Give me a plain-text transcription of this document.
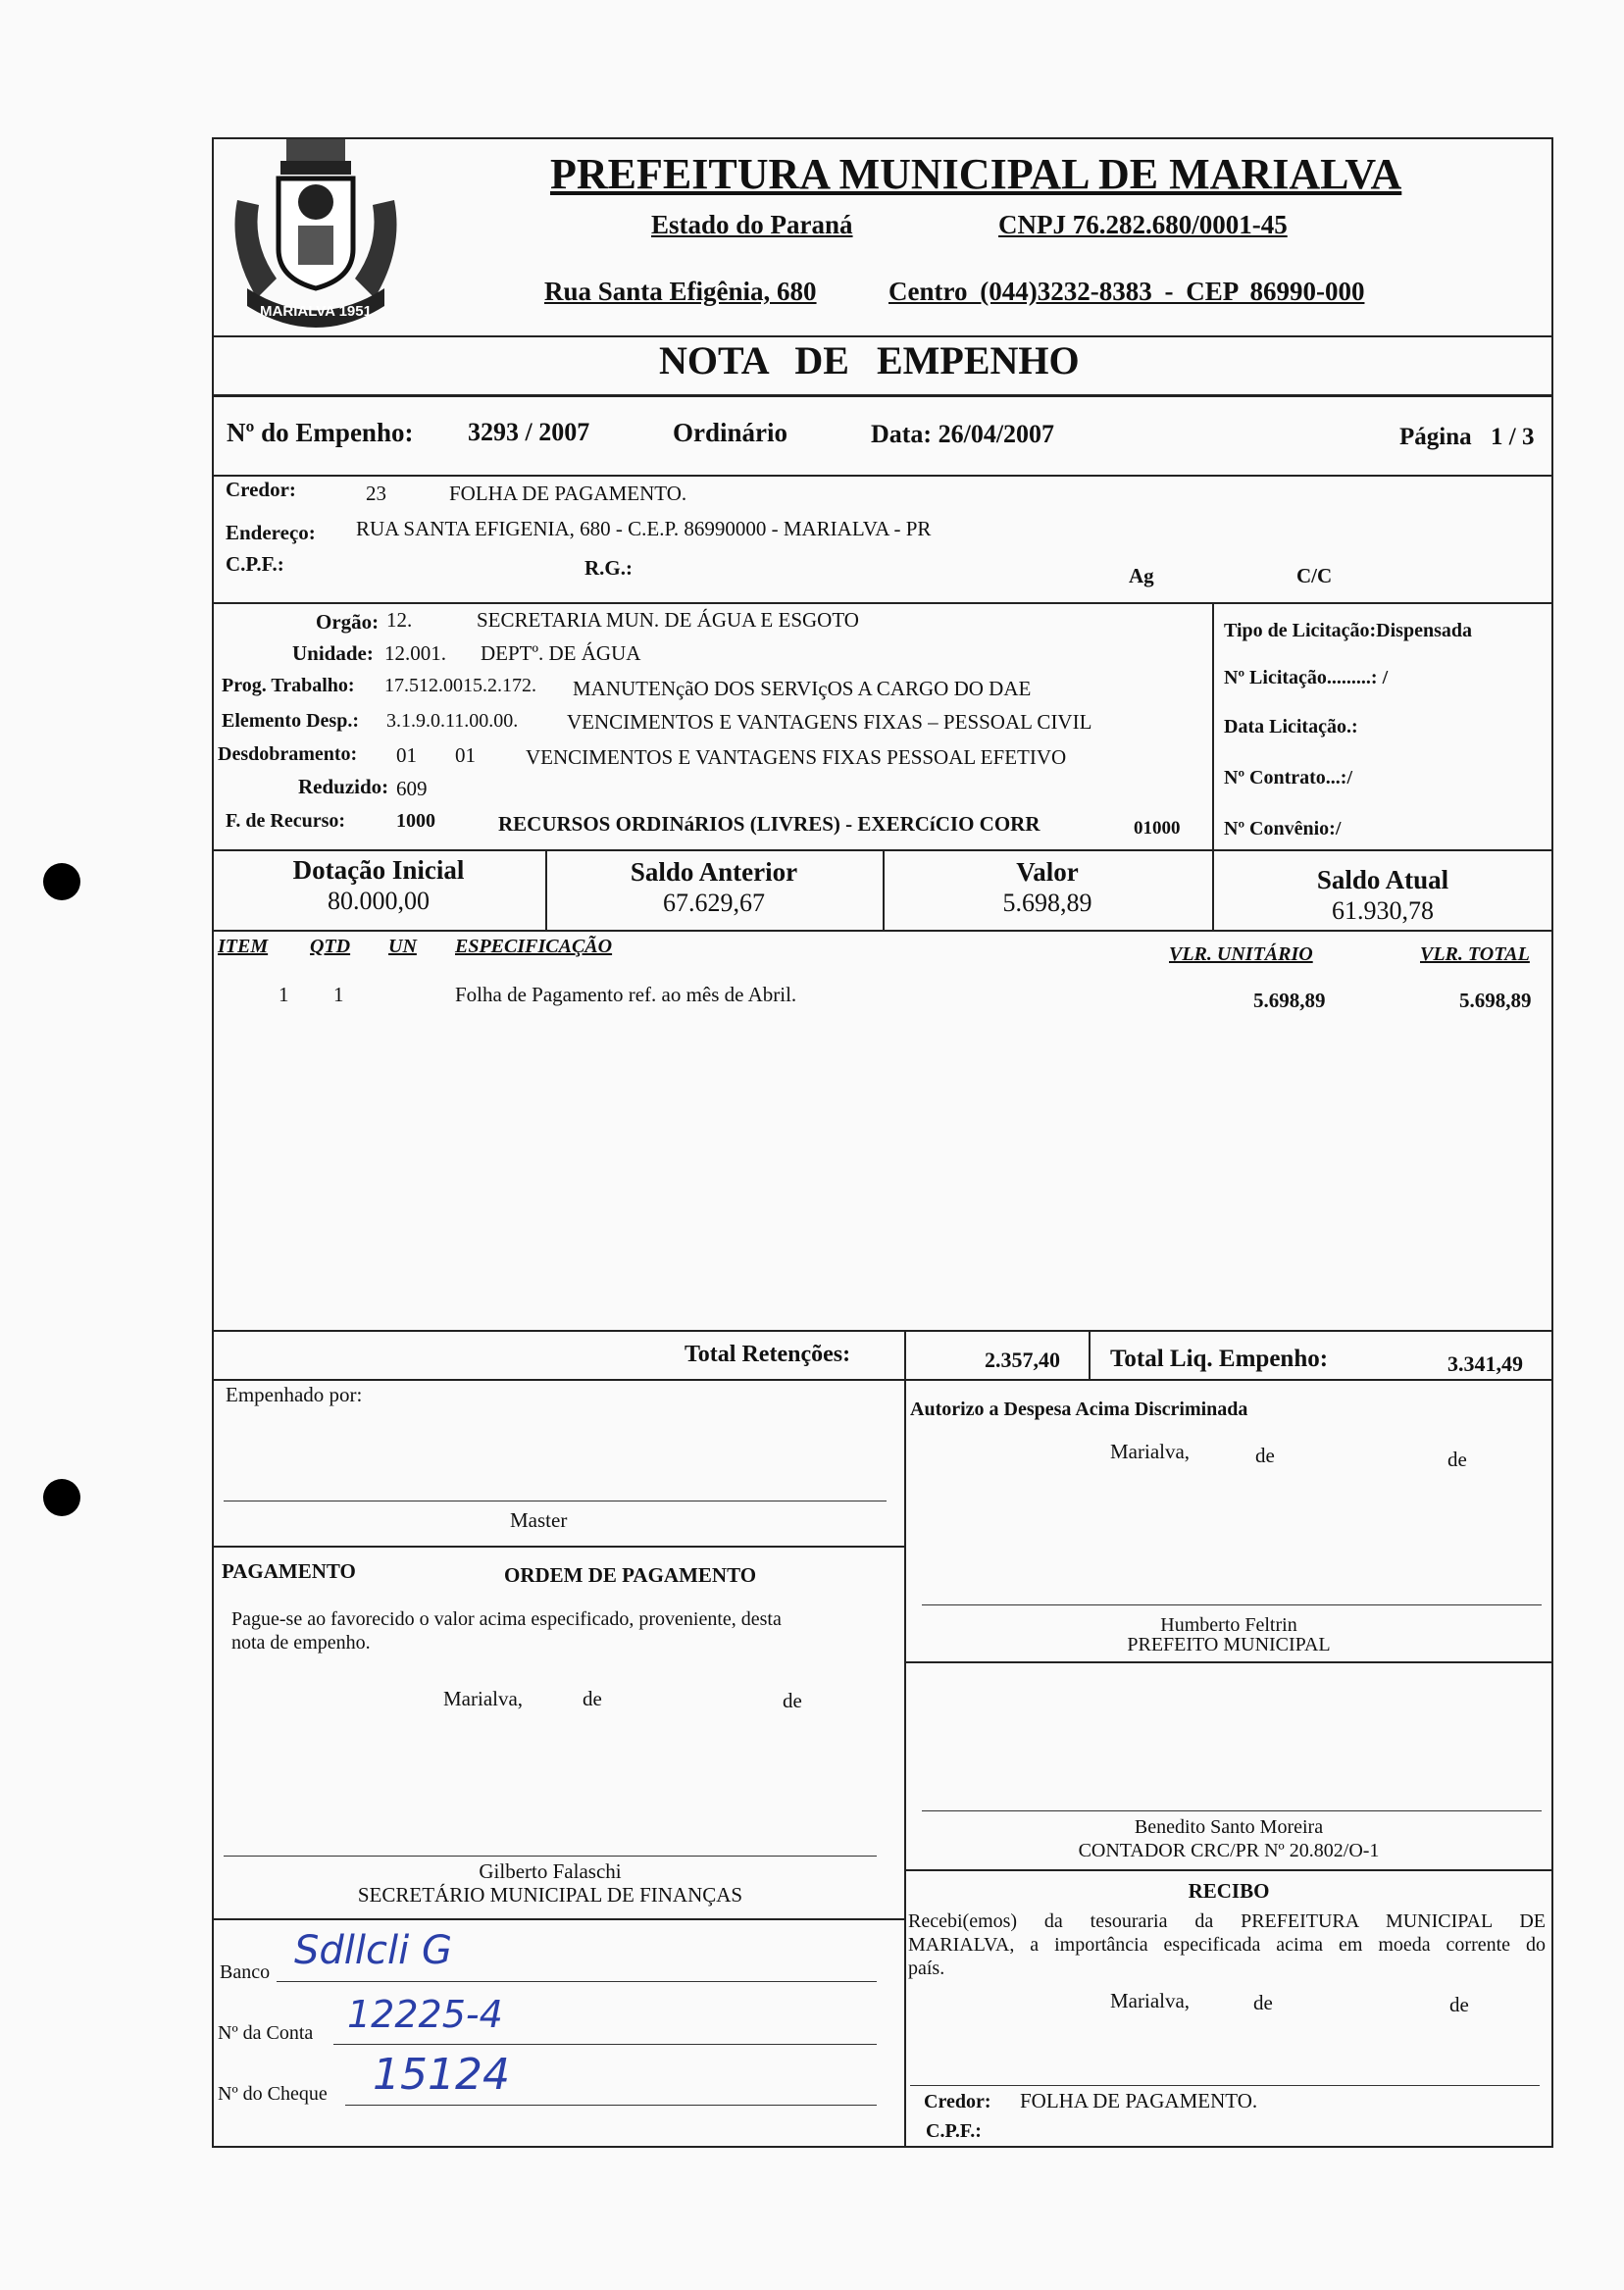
MARIALVA 1951
PREFEITURA MUNICIPAL DE MARIALVA
Estado do Paraná	CNPJ 76.282.680/0001-45
Rua Santa Efigênia, 680	Centro (044)3232-8383 - CEP 86990-000
NOTA DE EMPENHO
Nº do Empenho: 3293 / 2007	Ordinário	Data: 26/04/2007	Página 1 / 3
Credor:	23	FOLHA DE PAGAMENTO.
Endereço: RUA SANTA EFIGENIA, 680 - C.E.P. 86990000 - MARIALVA - PR
C.P.F.:	R.G.:	Ag	C/C
Orgão: 12.	SECRETARIA MUN. DE ÁGUA E ESGOTO
Unidade: 12.001. DEPTº. DE ÁGUA
Prog. Trabalho: 17.512.0015.2.172. MANUTENçãO DOS SERVIçOS A CARGO DO DAE
Elemento Desp.: 3.1.9.0.11.00.00. VENCIMENTOS E VANTAGENS FIXAS – PESSOAL CIVIL
Desdobramento: 01 01 VENCIMENTOS E VANTAGENS FIXAS PESSOAL EFETIVO
Reduzido: 609
F. de Recurso:	1000	RECURSOS ORDINáRIOS (LIVRES) - EXERCíCIO CORR	01000
Tipo de Licitação:Dispensada
Nº Licitação.........: /
Data Licitação.:
Nº Contrato...:/
Nº Convênio:/
Dotação Inicial
80.000,00
Saldo Anterior
67.629,67
Valor
5.698,89
Saldo Atual
61.930,78
ITEM QTD UN ESPECIFICAÇÃO	VLR. UNITÁRIO	VLR. TOTAL
1 1	Folha de Pagamento ref. ao mês de Abril.	5.698,89	5.698,89
Total Retenções:	2.357,40 Total Liq. Empenho:	3.341,49
Empenhado por:
Master
PAGAMENTO	ORDEM DE PAGAMENTO
Pague-se ao favorecido o valor acima especificado, proveniente, desta
nota de empenho.
Marialva,	de	de
Gilberto Falaschi
SECRETÁRIO MUNICIPAL DE FINANÇAS
Banco Sdllcli G
Nº da Conta 12225-4
Nº do Cheque 15124
Autorizo a Despesa Acima Discriminada
Marialva,	de	de
Humberto Feltrin
PREFEITO MUNICIPAL
Benedito Santo Moreira
CONTADOR CRC/PR Nº 20.802/O-1
RECIBO
Recebi(emos) da tesouraria da PREFEITURA MUNICIPAL DE
MARIALVA, a importância especificada acima em moeda corrente do
país.
Marialva,	de	de
Credor: FOLHA DE PAGAMENTO.
C.P.F.:
